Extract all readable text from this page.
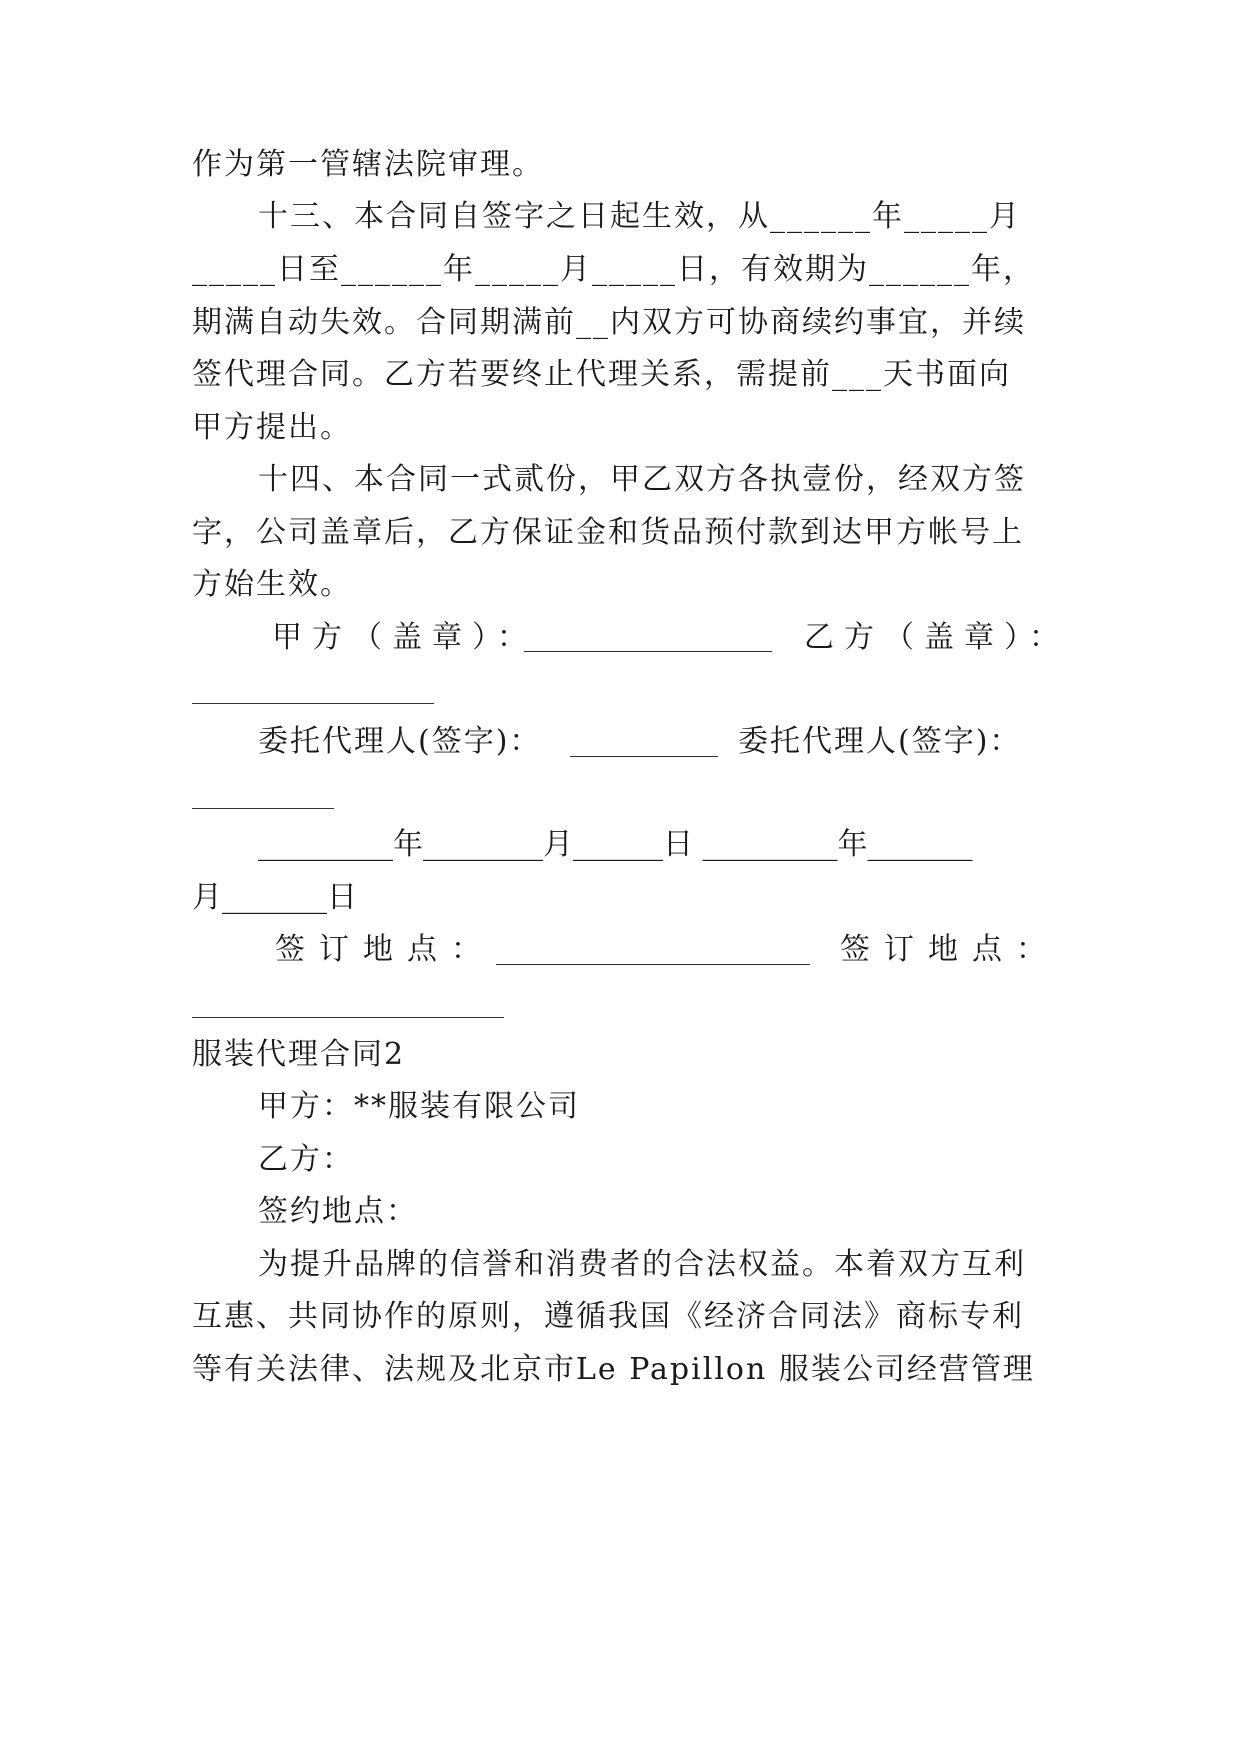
作为第一管辖法院审理。
十三、本合同自签字之日起生效，从______年_____月
_____日至______年_____月_____日，有效期为______年，
期满自动失效。合同期满前__内双方可协商续约事宜，并续
签代理合同。乙方若要终止代理关系，需提前___天书面向
甲方提出。
十四、本合同一式贰份，甲乙双方各执壹份，经双方签
字，公司盖章后，乙方保证金和货品预付款到达甲方帐号上
方始生效。
甲方（盖章）：	乙方（盖章）：
委托代理人(签字)：	委托代理人(签字)：
_________年________月______日 _________年_______
月_______日
签订地点：	签订地点：
服装代理合同2
甲方：**服装有限公司
乙方：
签约地点：
为提升品牌的信誉和消费者的合法权益。本着双方互利
互惠、共同协作的原则，遵循我国《经济合同法》商标专利
等有关法律、法规及北京市Le Papillon 服装公司经营管理
